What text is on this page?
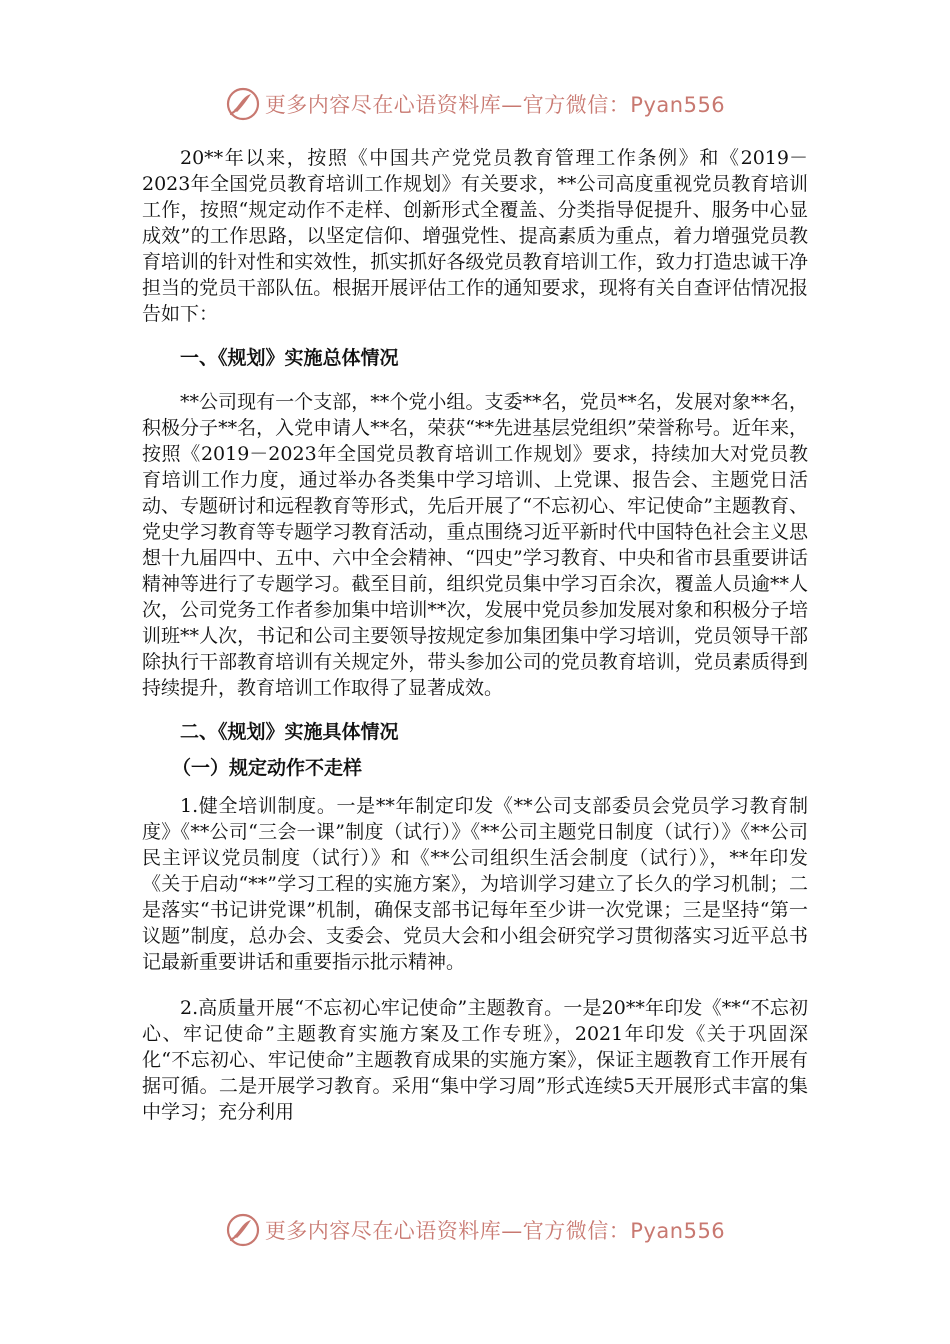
更多内容尽在心语资料库—官方微信：Pyan556

20**年以来，按照《中国共产党党员教育管理工作条例》和《2019－2023年全国党员教育培训工作规划》有关要求，**公司高度重视党员教育培训工作，按照“规定动作不走样、创新形式全覆盖、分类指导促提升、服务中心显成效”的工作思路，以坚定信仰、增强党性、提高素质为重点，着力增强党员教育培训的针对性和实效性，抓实抓好各级党员教育培训工作，致力打造忠诚干净担当的党员干部队伍。根据开展评估工作的通知要求，现将有关自查评估情况报告如下：

一、《规划》实施总体情况

**公司现有一个支部，**个党小组。支委**名，党员**名，发展对象**名，积极分子**名，入党申请人**名，荣获“**先进基层党组织”荣誉称号。近年来，按照《2019－2023年全国党员教育培训工作规划》要求，持续加大对党员教育培训工作力度，通过举办各类集中学习培训、上党课、报告会、主题党日活动、专题研讨和远程教育等形式，先后开展了“不忘初心、牢记使命”主题教育、党史学习教育等专题学习教育活动，重点围绕习近平新时代中国特色社会主义思想十九届四中、五中、六中全会精神、“四史”学习教育、中央和省市县重要讲话精神等进行了专题学习。截至目前，组织党员集中学习百余次，覆盖人员逾**人次，公司党务工作者参加集中培训**次，发展中党员参加发展对象和积极分子培训班**人次，书记和公司主要领导按规定参加集团集中学习培训，党员领导干部除执行干部教育培训有关规定外，带头参加公司的党员教育培训，党员素质得到持续提升，教育培训工作取得了显著成效。

二、《规划》实施具体情况
（一）规定动作不走样

1.健全培训制度。一是**年制定印发《**公司支部委员会党员学习教育制度》《**公司“三会一课”制度（试行）》《**公司主题党日制度（试行）》《**公司民主评议党员制度（试行）》和《**公司组织生活会制度（试行）》，**年印发《关于启动“**”学习工程的实施方案》，为培训学习建立了长久的学习机制；二是落实“书记讲党课”机制，确保支部书记每年至少讲一次党课；三是坚持“第一议题”制度，总办会、支委会、党员大会和小组会研究学习贯彻落实习近平总书记最新重要讲话和重要指示批示精神。

2.高质量开展“不忘初心牢记使命”主题教育。一是20**年印发《**“不忘初心、牢记使命”主题教育实施方案及工作专班》，2021年印发《关于巩固深化“不忘初心、牢记使命”主题教育成果的实施方案》，保证主题教育工作开展有据可循。二是开展学习教育。采用“集中学习周”形式连续5天开展形式丰富的集中学习；充分利用

更多内容尽在心语资料库—官方微信：Pyan556
